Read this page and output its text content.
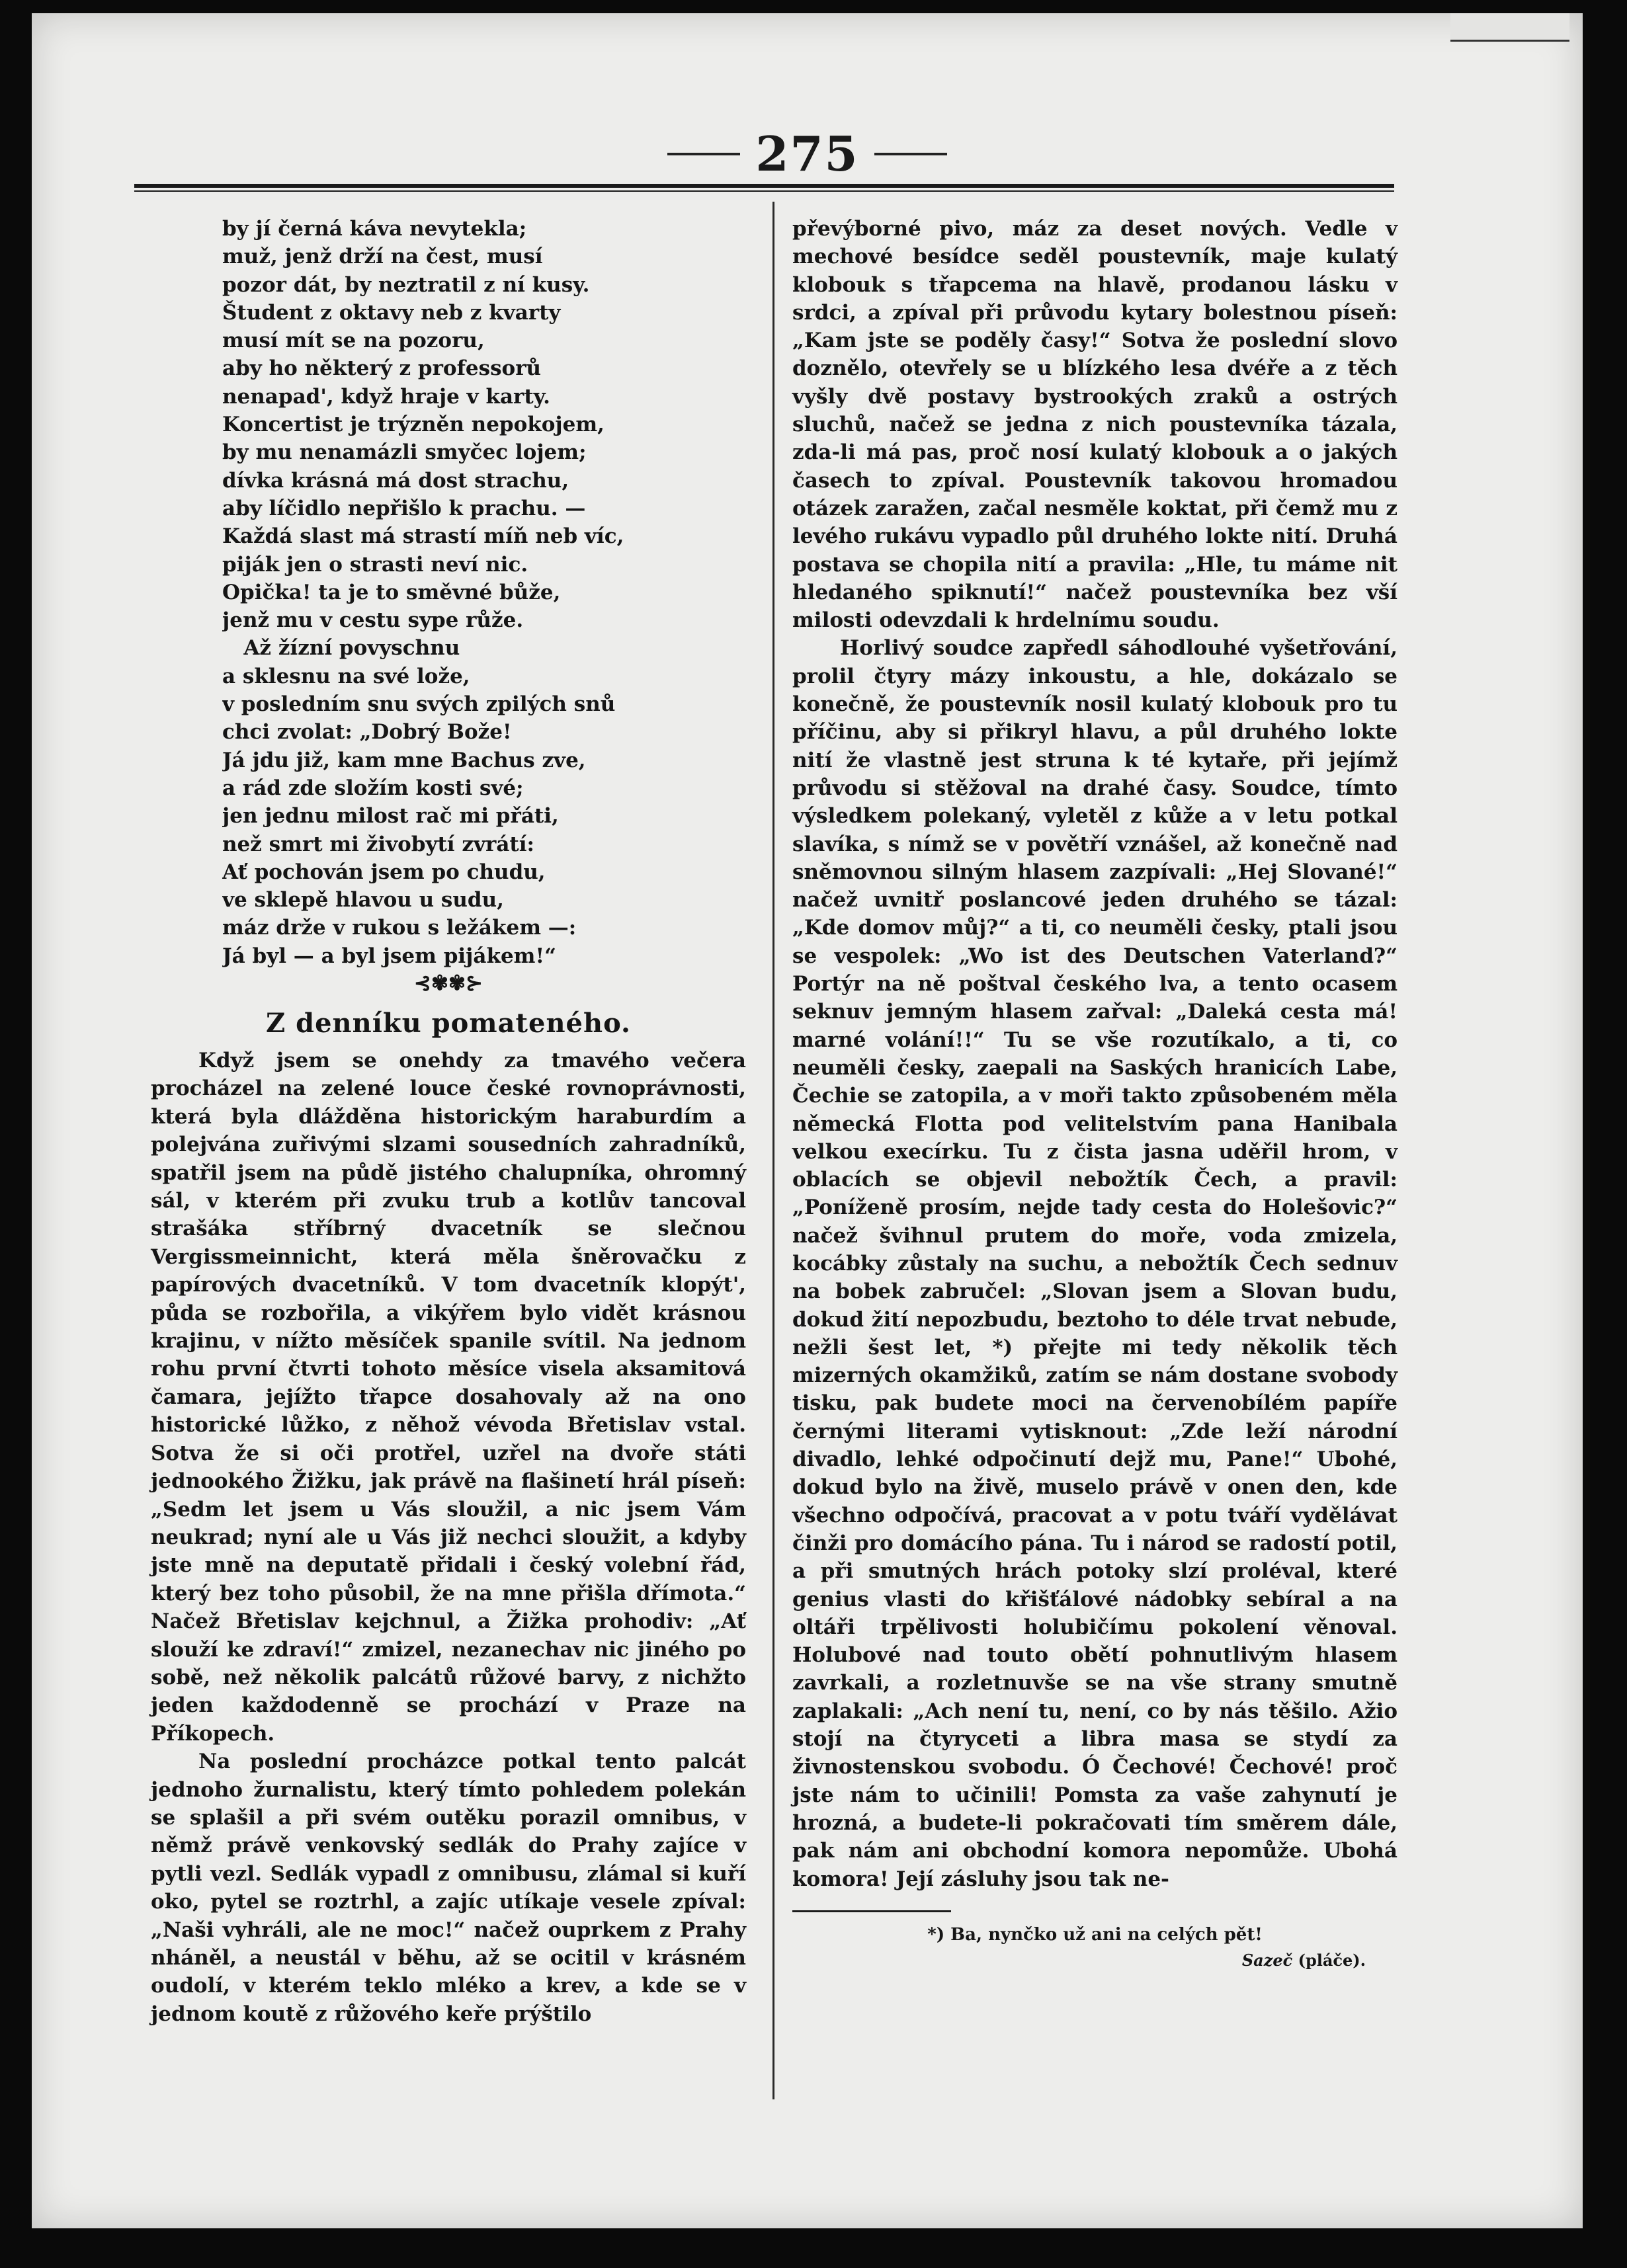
275
by jí černá káva nevytekla;
muž, jenž drží na čest, musí
pozor dát, by neztratil z ní kusy.
Študent z oktavy neb z kvarty
musí mít se na pozoru,
aby ho některý z professorů
nenapad', když hraje v karty.
Koncertist je trýzněn nepokojem,
by mu nenamázli smyčec lojem;
dívka krásná má dost strachu,
aby líčidlo nepřišlo k prachu. —
Každá slast má strastí míň neb víc,
piják jen o strasti neví nic.
Opička! ta je to směvné bůže,
jenž mu v cestu sype růže.
Až žízní povyschnu
a sklesnu na své lože,
v posledním snu svých zpilých snů
chci zvolat: „Dobrý Bože!
Já jdu již, kam mne Bachus zve,
a rád zde složím kosti své;
jen jednu milost rač mi přáti,
než smrt mi živobytí zvrátí:
Ať pochován jsem po chudu,
ve sklepě hlavou u sudu,
máz drže v rukou s ležákem —:
Já byl — a byl jsem pijákem!“
⊰✾✾⊱
Z denníku pomateného.

Když jsem se onehdy za tmavého večera procházel na zelené louce české rovnoprávnosti, která byla dlážděna historickým haraburdím a polejvána zuřivými slzami sousedních zahradníků, spatřil jsem na půdě jistého chalupníka, ohromný sál, v kterém při zvuku trub a kotlův tancoval strašáka stříbrný dvacetník se slečnou Vergissmeinnicht, která měla šněrovačku z papírových dvacetníků. V tom dvacetník klopýt', půda se rozbořila, a vikýřem bylo vidět krásnou krajinu, v nížto měsíček spanile svítil. Na jednom rohu první čtvrti tohoto měsíce visela aksamitová čamara, jejížto třapce dosahovaly až na ono historické lůžko, z něhož vévoda Břetislav vstal. Sotva že si oči protřel, uzřel na dvoře státi jednookého Žižku, jak právě na flašinetí hrál píseň: „Sedm let jsem u Vás sloužil, a nic jsem Vám neukrad; nyní ale u Vás již nechci sloužit, a kdyby jste mně na deputatě přidali i český volební řád, který bez toho působil, že na mne přišla dřímota.“ Načež Břetislav kejchnul, a Žižka prohodiv: „Ať slouží ke zdraví!“ zmizel, nezanechav nic jiného po sobě, než několik palcátů růžové barvy, z nichžto jeden každodenně se prochází v Praze na Příkopech.

Na poslední procházce potkal tento palcát jednoho žurnalistu, který tímto pohledem polekán se splašil a při svém outěku porazil omnibus, v němž právě venkovský sedlák do Prahy zajíce v pytli vezl. Sedlák vypadl z omnibusu, zlámal si kuří oko, pytel se roztrhl, a zajíc utíkaje vesele zpíval: „Naši vyhráli, ale ne moc!“ načež ouprkem z Prahy nháněl, a neustál v běhu, až se ocitil v krásném oudolí, v kterém teklo mléko a krev, a kde se v jednom koutě z růžového keře prýštilo

převýborné pivo, máz za deset nových. Vedle v mechové besídce seděl poustevník, maje kulatý klobouk s třapcema na hlavě, prodanou lásku v srdci, a zpíval při průvodu kytary bolestnou píseň: „Kam jste se poděly časy!“ Sotva že poslední slovo doznělo, otevřely se u blízkého lesa dvéře a z těch vyšly dvě postavy bystrookých zraků a ostrých sluchů, načež se jedna z nich poustevníka tázala, zda-li má pas, proč nosí kulatý klobouk a o jakých časech to zpíval. Poustevník takovou hromadou otázek zaražen, začal nesměle koktat, při čemž mu z levého rukávu vypadlo půl druhého lokte nití. Druhá postava se chopila nití a pravila: „Hle, tu máme nit hledaného spiknutí!“ načež poustevníka bez vší milosti odevzdali k hrdelnímu soudu.

Horlivý soudce zapředl sáhodlouhé vyšetřování, prolil čtyry mázy inkoustu, a hle, dokázalo se konečně, že poustevník nosil kulatý klobouk pro tu příčinu, aby si přikryl hlavu, a půl druhého lokte nití že vlastně jest struna k té kytaře, při jejímž průvodu si stěžoval na drahé časy. Soudce, tímto výsledkem polekaný, vyletěl z kůže a v letu potkal slavíka, s nímž se v povětří vznášel, až konečně nad sněmovnou silným hlasem zazpívali: „Hej Slované!“ načež uvnitř poslancové jeden druhého se tázal: „Kde domov můj?“ a ti, co neuměli česky, ptali jsou se vespolek: „Wo ist des Deutschen Vaterland?“ Portýr na ně poštval českého lva, a tento ocasem seknuv jemným hlasem zařval: „Daleká cesta má! marné volání!!“ Tu se vše rozutíkalo, a ti, co neuměli česky, zaepali na Saských hranicích Labe, Čechie se zatopila, a v moři takto způsobeném měla německá Flotta pod velitelstvím pana Hanibala velkou execírku. Tu z čista jasna uděřil hrom, v oblacích se objevil nebožtík Čech, a pravil: „Poníženě prosím, nejde tady cesta do Holešovic?“ načež švihnul prutem do moře, voda zmizela, kocábky zůstaly na suchu, a nebožtík Čech sednuv na bobek zabručel: „Slovan jsem a Slovan budu, dokud žití nepozbudu, beztoho to déle trvat nebude, nežli šest let, *) přejte mi tedy několik těch mizerných okamžiků, zatím se nám dostane svobody tisku, pak budete moci na červenobílém papíře černými literami vytisknout: „Zde leží národní divadlo, lehké odpočinutí dejž mu, Pane!“ Ubohé, dokud bylo na živě, muselo právě v onen den, kde všechno odpočívá, pracovat a v potu tváří vydělávat činži pro domácího pána. Tu i národ se radostí potil, a při smutných hrách potoky slzí proléval, které genius vlasti do křišťálové nádobky sebíral a na oltáři trpělivosti holubičímu pokolení věnoval. Holubové nad touto obětí pohnutlivým hlasem zavrkali, a rozletnuvše se na vše strany smutně zaplakali: „Ach není tu, není, co by nás těšilo. Ažio stojí na čtyryceti a libra masa se stydí za živnostenskou svobodu. Ó Čechové! Čechové! proč jste nám to učinili! Pomsta za vaše zahynutí je hrozná, a budete-li pokračovati tím směrem dále, pak nám ani obchodní komora nepomůže. Ubohá komora! Její zásluhy jsou tak ne-

*) Ba, nynčko už ani na celých pět!
Sazeč (pláče).
